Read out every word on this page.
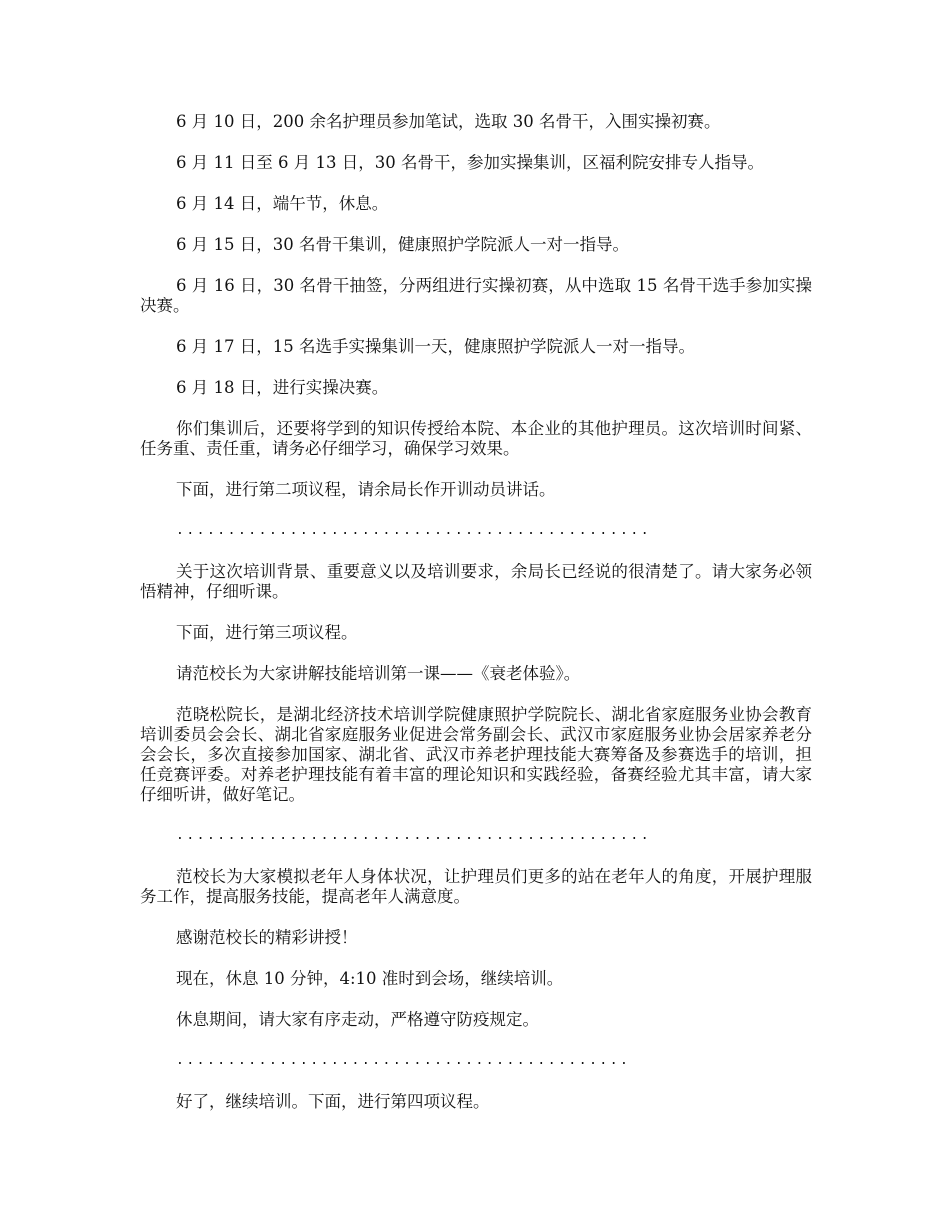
6 月 10 日，200 余名护理员参加笔试，选取 30 名骨干，入围实操初赛。

6 月 11 日至 6 月 13 日，30 名骨干，参加实操集训，区福利院安排专人指导。

6 月 14 日，端午节，休息。

6 月 15 日，30 名骨干集训，健康照护学院派人一对一指导。

6 月 16 日，30 名骨干抽签，分两组进行实操初赛，从中选取 15 名骨干选手参加实操决赛。

6 月 17 日，15 名选手实操集训一天，健康照护学院派人一对一指导。

6 月 18 日，进行实操决赛。

你们集训后，还要将学到的知识传授给本院、本企业的其他护理员。这次培训时间紧、任务重、责任重，请务必仔细学习，确保学习效果。

下面，进行第二项议程，请余局长作开训动员讲话。

..............................................

关于这次培训背景、重要意义以及培训要求，余局长已经说的很清楚了。请大家务必领悟精神，仔细听课。

下面，进行第三项议程。

请范校长为大家讲解技能培训第一课——《衰老体验》。

范晓松院长，是湖北经济技术培训学院健康照护学院院长、湖北省家庭服务业协会教育培训委员会会长、湖北省家庭服务业促进会常务副会长、武汉市家庭服务业协会居家养老分会会长，多次直接参加国家、湖北省、武汉市养老护理技能大赛筹备及参赛选手的培训，担任竞赛评委。对养老护理技能有着丰富的理论知识和实践经验，备赛经验尤其丰富，请大家仔细听讲，做好笔记。

..............................................

范校长为大家模拟老年人身体状况，让护理员们更多的站在老年人的角度，开展护理服务工作，提高服务技能，提高老年人满意度。

感谢范校长的精彩讲授！

现在，休息 10 分钟，4:10 准时到会场，继续培训。

休息期间，请大家有序走动，严格遵守防疫规定。

............................................

好了，继续培训。下面，进行第四项议程。
